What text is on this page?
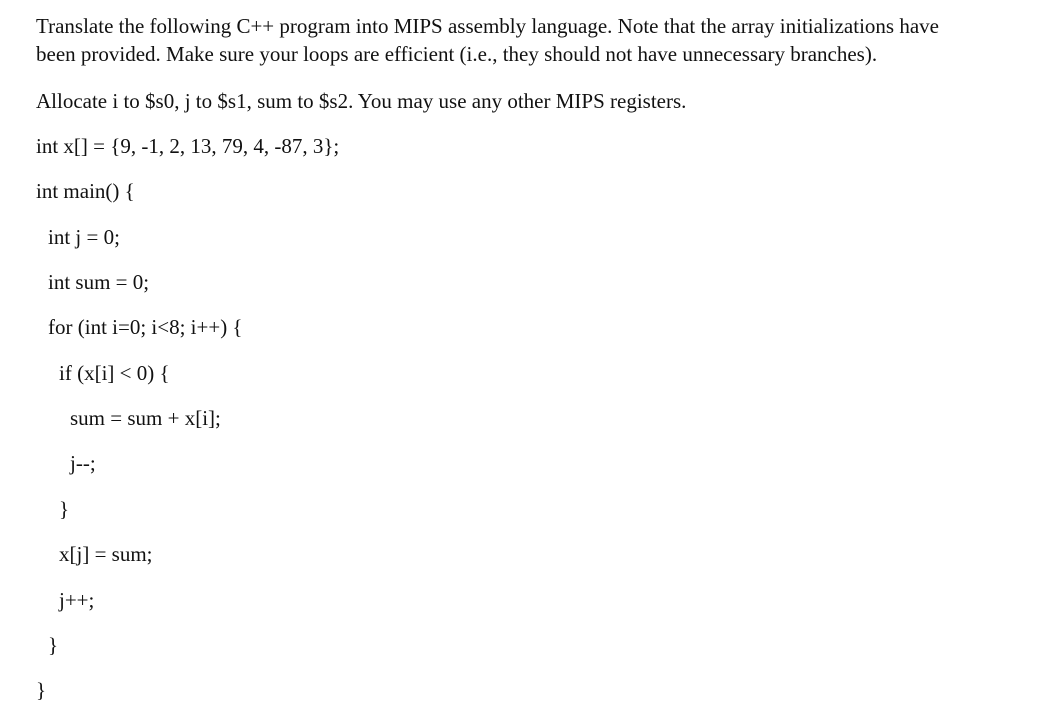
Translate the following C++ program into MIPS assembly language. Note that the array initializations have

been provided. Make sure your loops are efficient (i.e., they should not have unnecessary branches).

Allocate i to $s0, j to $s1, sum to $s2. You may use any other MIPS registers.

int x[] = {9, -1, 2, 13, 79, 4, -87, 3};

int main() {

int j = 0;

int sum = 0;

for (int i=0; i<8; i++) {

if (x[i] < 0) {

sum = sum + x[i];

j--;

}

x[j] = sum;

j++;

}

}
